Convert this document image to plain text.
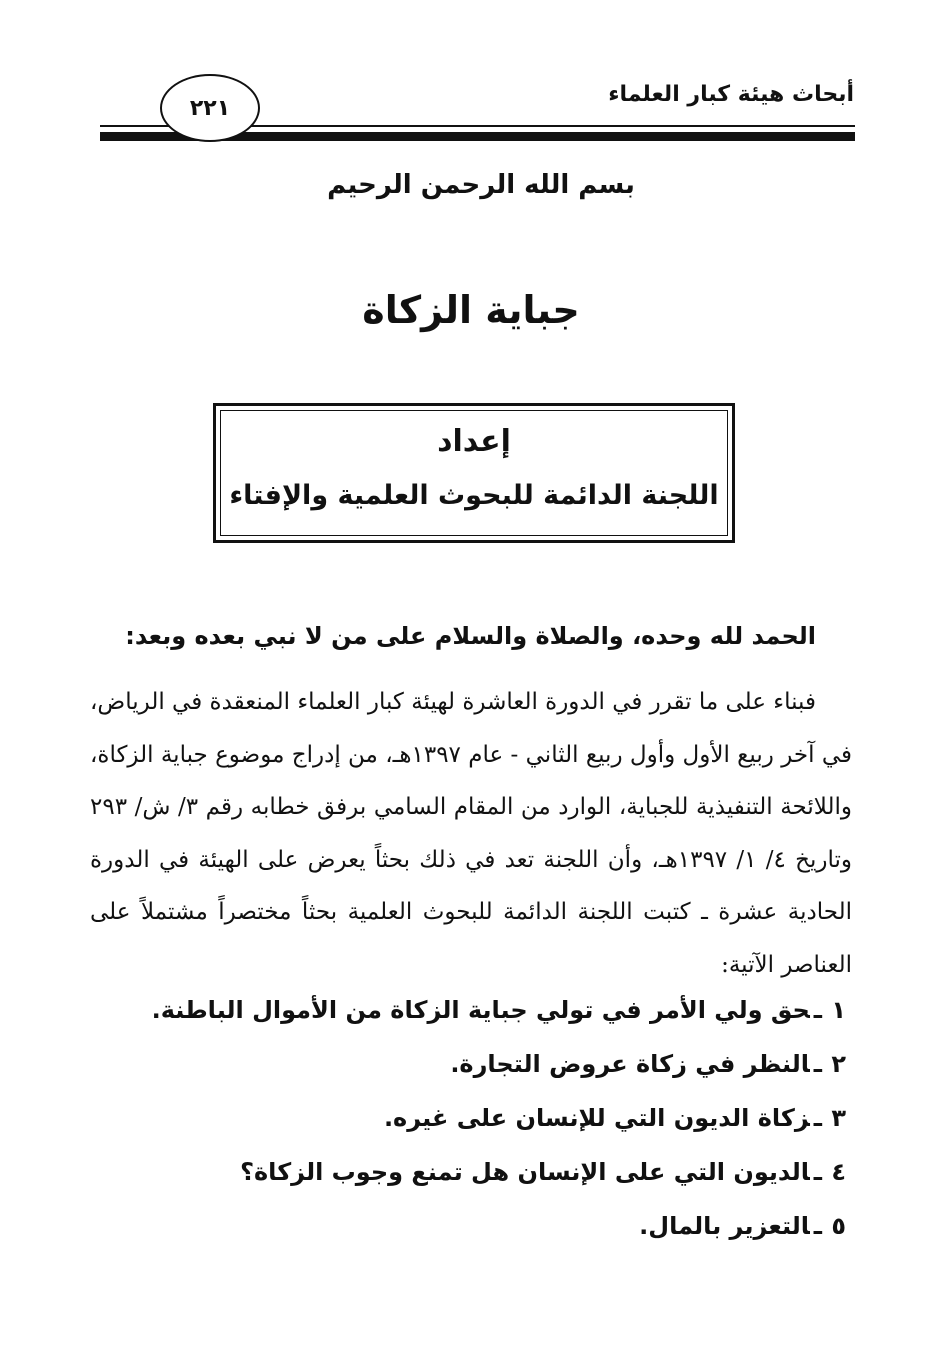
أبحاث هيئة كبار العلماء
٢٢١
بسم الله الرحمن الرحيم
جباية الزكاة
إعداد
اللجنة الدائمة للبحوث العلمية والإفتاء
الحمد لله وحده، والصلاة والسلام على من لا نبي بعده وبعد:

فبناء على ما تقرر في الدورة العاشرة لهيئة كبار العلماء المنعقدة في الرياض، في آخر ربيع الأول وأول ربيع الثاني - عام ١٣٩٧هـ، من إدراج موضوع جباية الزكاة، واللائحة التنفيذية للجباية، الوارد من المقام السامي برفق خطابه رقم ٣/ ش/ ٢٩٣ وتاريخ ٤/ ١/ ١٣٩٧هـ، وأن اللجنة تعد في ذلك بحثاً يعرض على الهيئة في الدورة الحادية عشرة ـ كتبت اللجنة الدائمة للبحوث العلمية بحثاً مختصراً مشتملاً على العناصر الآتية:

١ـحق ولي الأمر في تولي جباية الزكاة من الأموال الباطنة.
٢ـالنظر في زكاة عروض التجارة.
٣ـزكاة الديون التي للإنسان على غيره.
٤ـالديون التي على الإنسان هل تمنع وجوب الزكاة؟
٥ـالتعزير بالمال.
